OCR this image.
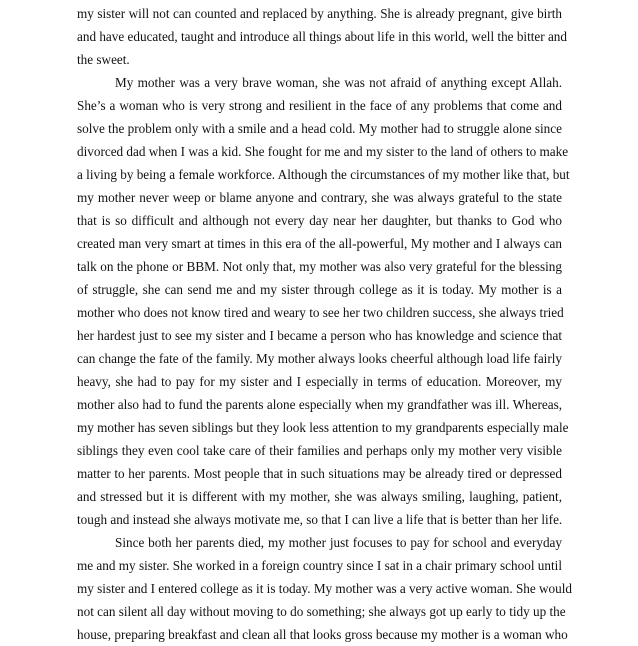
my sister will not can counted and replaced by anything. She is already pregnant, give birth
and have educated, taught and introduce all things about life in this world, well the bitter and
the sweet.
My mother was a very brave woman, she was not afraid of anything except Allah.
She’s a woman who is very strong and resilient in the face of any problems that come and
solve the problem only with a smile and a head cold. My mother had to struggle alone since
divorced dad when I was a kid. She fought for me and my sister to the land of others to make
a living by being a female workforce. Although the circumstances of my mother like that, but
my mother never weep or blame anyone and contrary, she was always grateful to the state
that is so difficult and although not every day near her daughter, but thanks to God who
created man very smart at times in this era of the all-powerful, My mother and I always can
talk on the phone or BBM. Not only that, my mother was also very grateful for the blessing
of struggle, she can send me and my sister through college as it is today. My mother is a
mother who does not know tired and weary to see her two children success, she always tried
her hardest just to see my sister and I became a person who has knowledge and science that
can change the fate of the family. My mother always looks cheerful although load life fairly
heavy, she had to pay for my sister and I especially in terms of education. Moreover, my
mother also had to fund the parents alone especially when my grandfather was ill. Whereas,
my mother has seven siblings but they look less attention to my grandparents especially male
siblings they even cool take care of their families and perhaps only my mother very visible
matter to her parents. Most people that in such situations may be already tired or depressed
and stressed but it is different with my mother, she was always smiling, laughing, patient,
tough and instead she always motivate me, so that I can live a life that is better than her life.
Since both her parents died, my mother just focuses to pay for school and everyday
me and my sister. She worked in a foreign country since I sat in a chair primary school until
my sister and I entered college as it is today. My mother was a very active woman. She would
not can silent all day without moving to do something; she always got up early to tidy up the
house, preparing breakfast and clean all that looks gross because my mother is a woman who
